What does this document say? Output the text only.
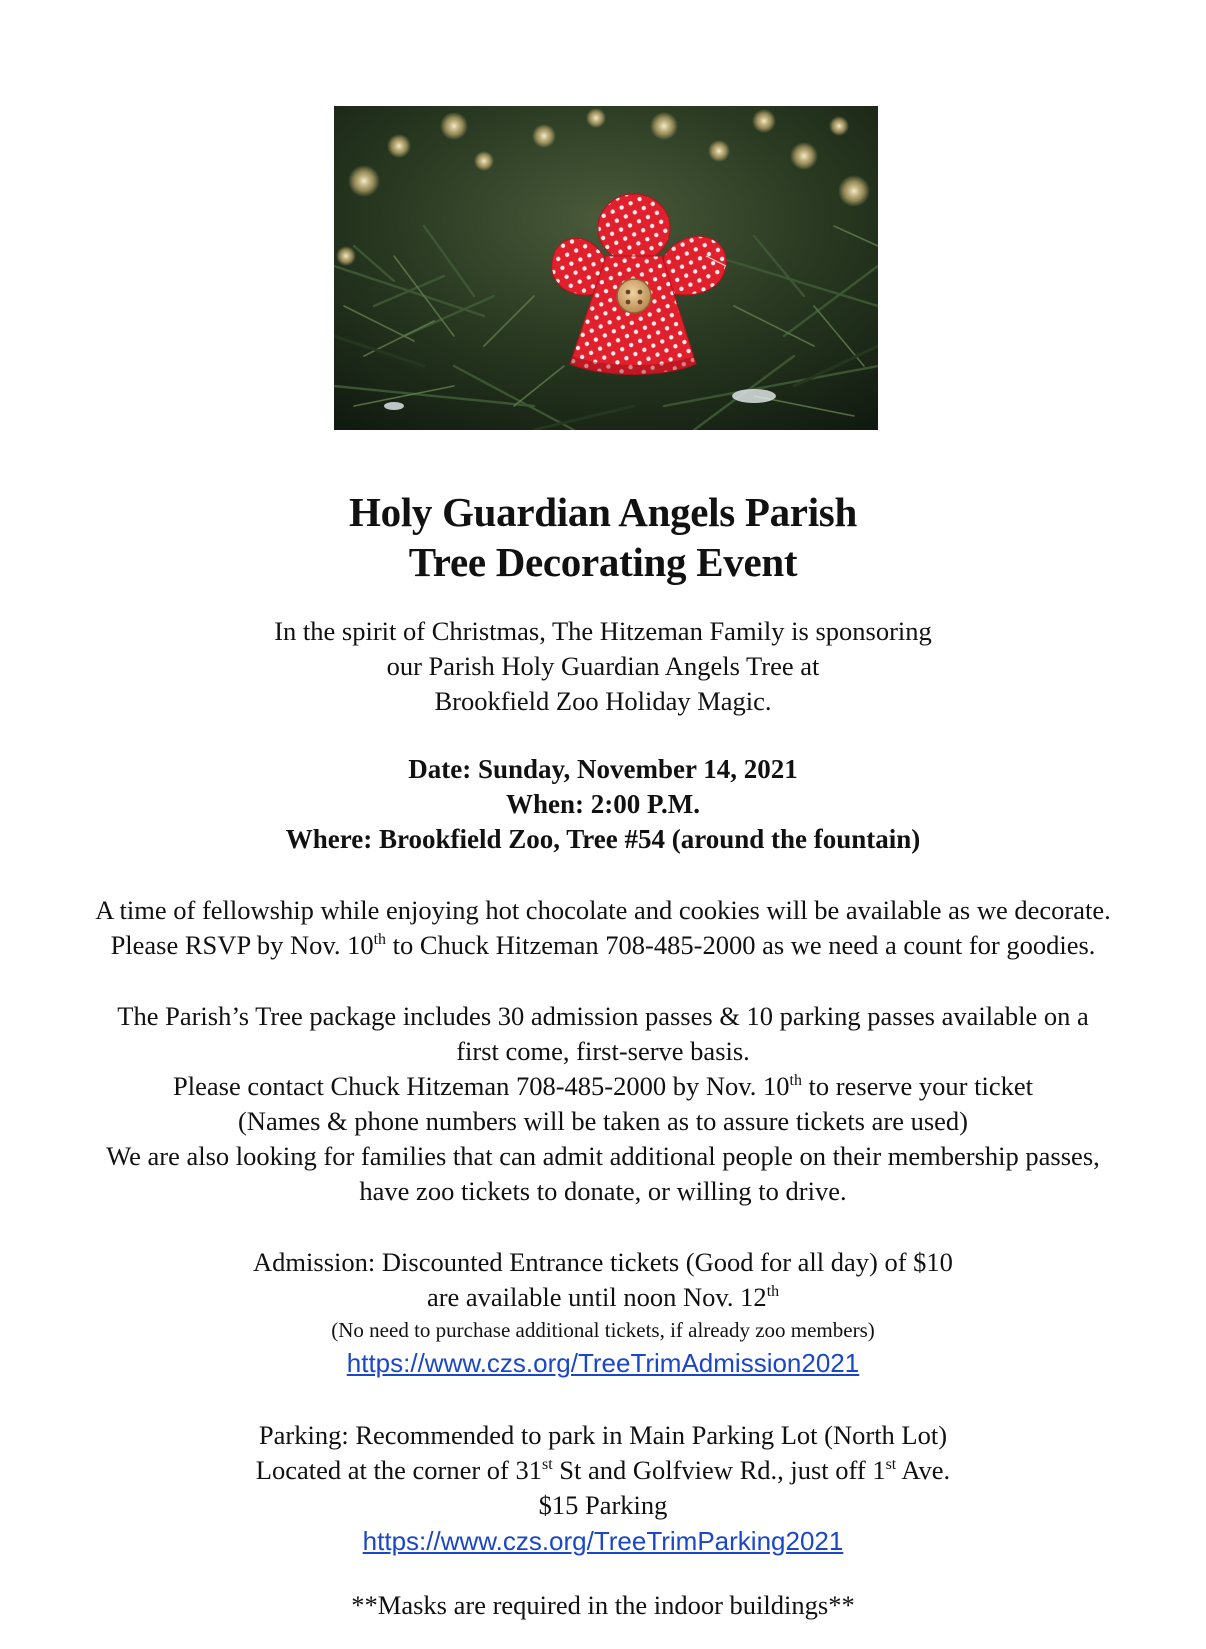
Holy Guardian Angels Parish
Tree Decorating Event
In the spirit of Christmas, The Hitzeman Family is sponsoring
our Parish Holy Guardian Angels Tree at
Brookfield Zoo Holiday Magic.
Date: Sunday, November 14, 2021
When: 2:00 P.M.
Where: Brookfield Zoo, Tree #54 (around the fountain)
A time of fellowship while enjoying hot chocolate and cookies will be available as we decorate.
Please RSVP by Nov. 10th to Chuck Hitzeman 708-485-2000 as we need a count for goodies.
The Parish’s Tree package includes 30 admission passes & 10 parking passes available on a
first come, first-serve basis.
Please contact Chuck Hitzeman 708-485-2000 by Nov. 10th to reserve your ticket
(Names & phone numbers will be taken as to assure tickets are used)
We are also looking for families that can admit additional people on their membership passes,
have zoo tickets to donate, or willing to drive.
Admission: Discounted Entrance tickets (Good for all day) of $10
are available until noon Nov. 12th
(No need to purchase additional tickets, if already zoo members)
https://www.czs.org/TreeTrimAdmission2021
Parking: Recommended to park in Main Parking Lot (North Lot)
Located at the corner of 31st St and Golfview Rd., just off 1st Ave.
$15 Parking
https://www.czs.org/TreeTrimParking2021
**Masks are required in the indoor buildings**
